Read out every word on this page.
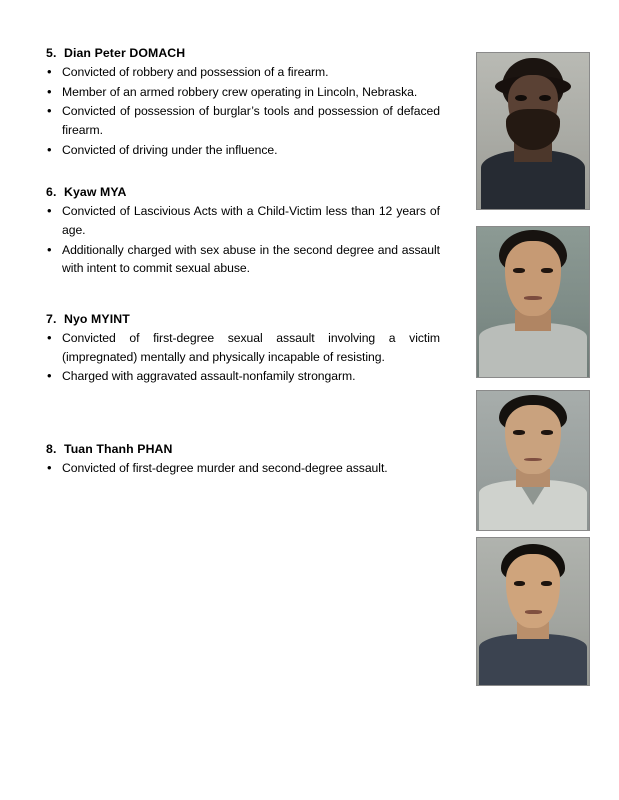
5. Dian Peter DOMACH

• Convicted of robbery and possession of a firearm.
• Member of an armed robbery crew operating in Lincoln, Nebraska.
• Convicted of possession of burglar’s tools and possession of defaced firearm.
• Convicted of driving under the influence.

6. Kyaw MYA

• Convicted of Lascivious Acts with a Child-Victim less than 12 years of age.
• Additionally charged with sex abuse in the second degree and assault with intent to commit sexual abuse.

7. Nyo MYINT

• Convicted of first-degree sexual assault involving a victim (impregnated) mentally and physically incapable of resisting.
• Charged with aggravated assault-nonfamily strongarm.

8. Tuan Thanh PHAN

• Convicted of first-degree murder and second-degree assault.
